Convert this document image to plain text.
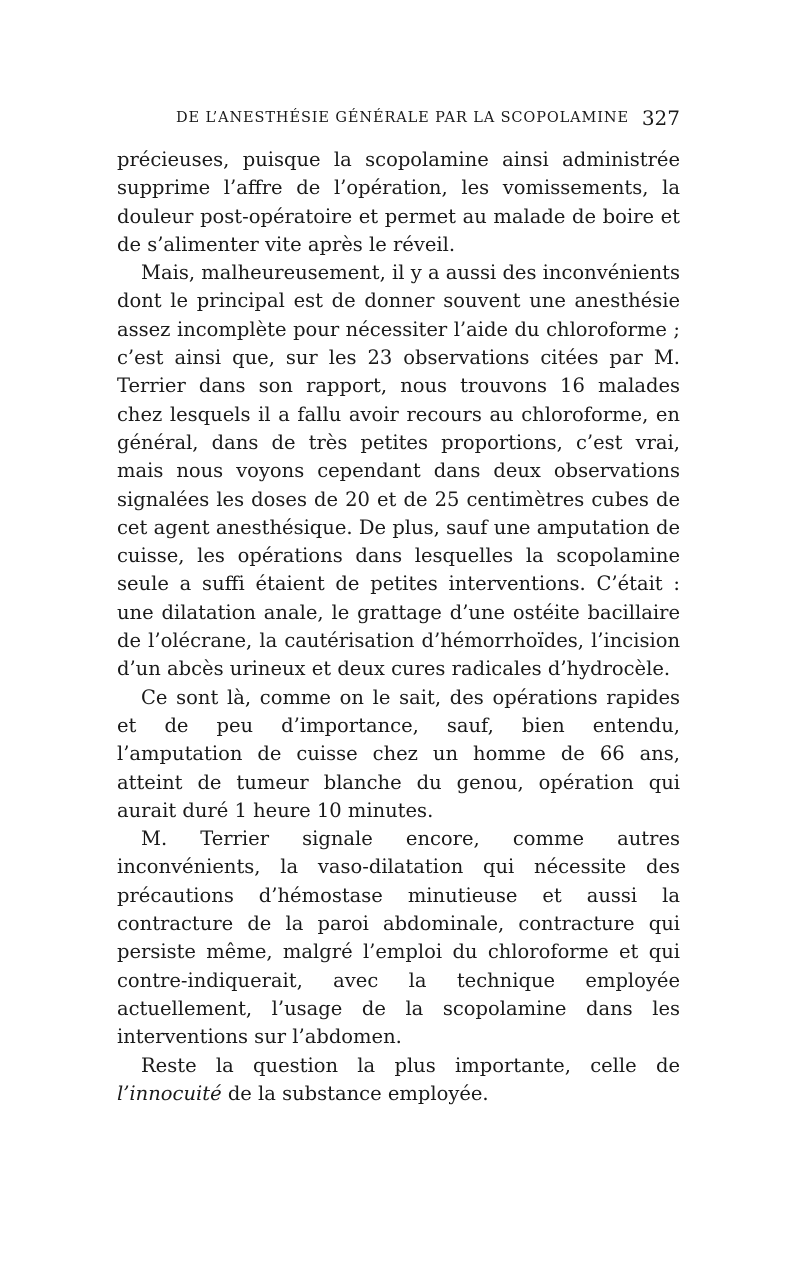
DE L’ANESTHÉSIE GÉNÉRALE PAR LA SCOPOLAMINE 327

précieuses, puisque la scopolamine ainsi administrée supprime l’affre de l’opération, les vomissements, la douleur post-opératoire et permet au malade de boire et de s’alimenter vite après le réveil.

Mais, malheureusement, il y a aussi des inconvénients dont le principal est de donner souvent une anesthésie assez incomplète pour nécessiter l’aide du chloroforme ; c’est ainsi que, sur les 23 observations citées par M. Terrier dans son rapport, nous trouvons 16 malades chez lesquels il a fallu avoir recours au chloroforme, en général, dans de très petites proportions, c’est vrai, mais nous voyons cependant dans deux observations signalées les doses de 20 et de 25 centimètres cubes de cet agent anesthésique. De plus, sauf une amputation de cuisse, les opérations dans lesquelles la scopolamine seule a suffi étaient de petites interventions. C’était : une dilatation anale, le grattage d’une ostéite bacillaire de l’olécrane, la cautérisation d’hémorrhoïdes, l’incision d’un abcès urineux et deux cures radicales d’hydrocèle.

Ce sont là, comme on le sait, des opérations rapides et de peu d’importance, sauf, bien entendu, l’amputation de cuisse chez un homme de 66 ans, atteint de tumeur blanche du genou, opération qui aurait duré 1 heure 10 minutes.

M. Terrier signale encore, comme autres inconvénients, la vaso-dilatation qui nécessite des précautions d’hémostase minutieuse et aussi la contracture de la paroi abdominale, contracture qui persiste même, malgré l’emploi du chloroforme et qui contre-indiquerait, avec la technique employée actuellement, l’usage de la scopolamine dans les interventions sur l’abdomen.

Reste la question la plus importante, celle de l’innocuité de la substance employée.
